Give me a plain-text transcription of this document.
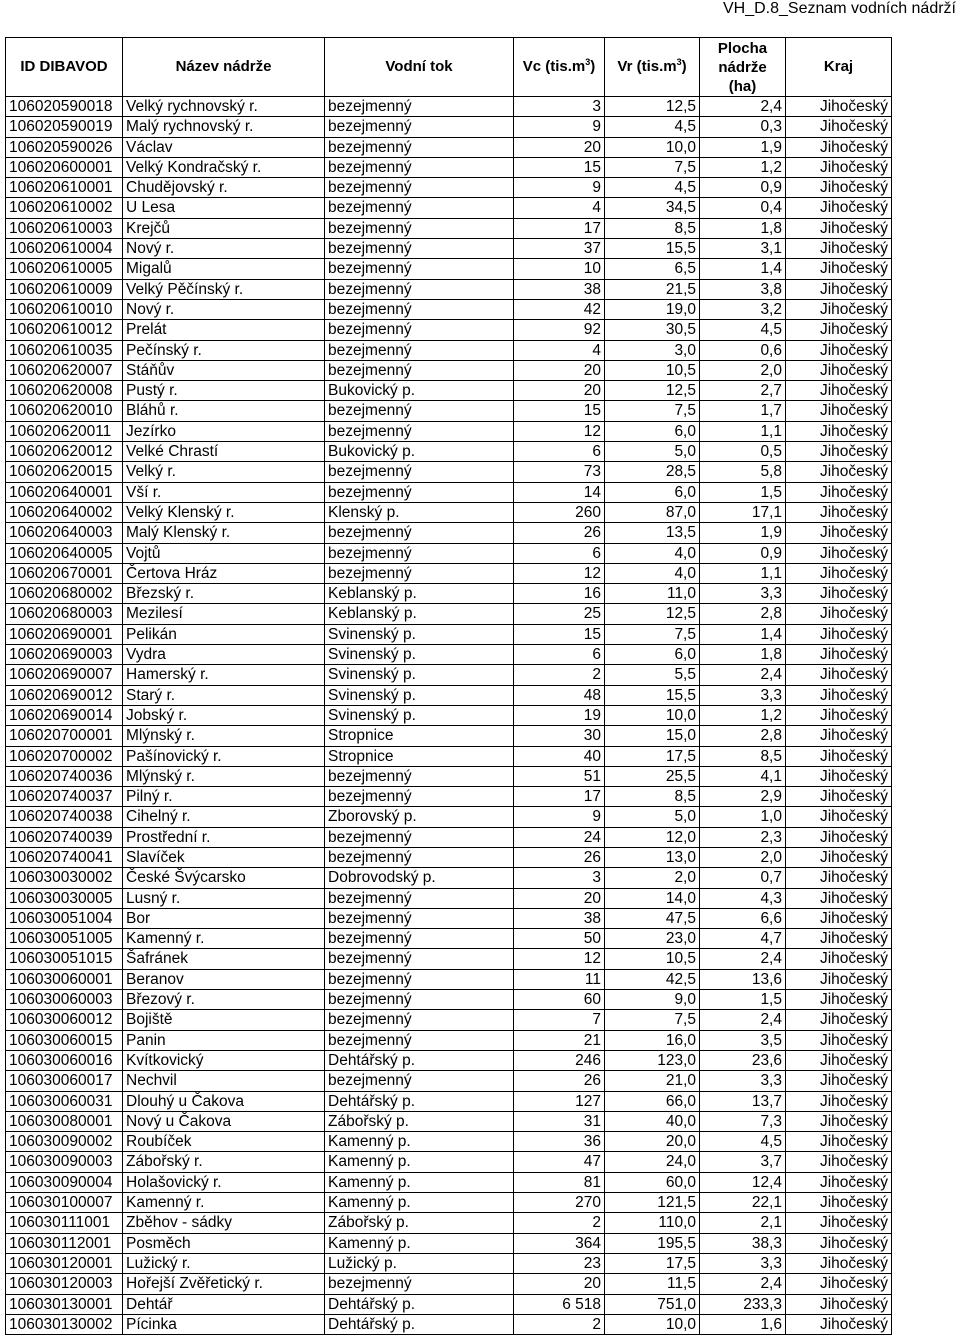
VH_D.8_Seznam vodních nádrží
ID DIBAVOD	Název nádrže	Vodní tok	Vc $(tis.m^3)$	Vr $(tis.m^3)$	Plocha
nádrže
(ha)	Kraj
106020590018	Velký rychnovský r.	bezejmenný	3	12,5	2,4	Jihočeský
106020590019	Malý rychnovský r.	bezejmenný	9	4,5	0,3	Jihočeský
106020590026	Václav	bezejmenný	20	10,0	1,9	Jihočeský
106020600001	Velký Kondračský r.	bezejmenný	15	7,5	1,2	Jihočeský
106020610001	Chudějovský r.	bezejmenný	9	4,5	0,9	Jihočeský
106020610002	U Lesa	bezejmenný	4	34,5	0,4	Jihočeský
106020610003	Krejčů	bezejmenný	17	8,5	1,8	Jihočeský
106020610004	Nový r.	bezejmenný	37	15,5	3,1	Jihočeský
106020610005	Migalů	bezejmenný	10	6,5	1,4	Jihočeský
106020610009	Velký Pěčínský r.	bezejmenný	38	21,5	3,8	Jihočeský
106020610010	Nový r.	bezejmenný	42	19,0	3,2	Jihočeský
106020610012	Prelát	bezejmenný	92	30,5	4,5	Jihočeský
106020610035	Pečínský r.	bezejmenný	4	3,0	0,6	Jihočeský
106020620007	Stáňův	bezejmenný	20	10,5	2,0	Jihočeský
106020620008	Pustý r.	Bukovický p.	20	12,5	2,7	Jihočeský
106020620010	Bláhů r.	bezejmenný	15	7,5	1,7	Jihočeský
106020620011	Jezírko	bezejmenný	12	6,0	1,1	Jihočeský
106020620012	Velké Chrastí	Bukovický p.	6	5,0	0,5	Jihočeský
106020620015	Velký r.	bezejmenný	73	28,5	5,8	Jihočeský
106020640001	Vší r.	bezejmenný	14	6,0	1,5	Jihočeský
106020640002	Velký Klenský r.	Klenský p.	260	87,0	17,1	Jihočeský
106020640003	Malý Klenský r.	bezejmenný	26	13,5	1,9	Jihočeský
106020640005	Vojtů	bezejmenný	6	4,0	0,9	Jihočeský
106020670001	Čertova Hráz	bezejmenný	12	4,0	1,1	Jihočeský
106020680002	Březský r.	Keblanský p.	16	11,0	3,3	Jihočeský
106020680003	Mezilesí	Keblanský p.	25	12,5	2,8	Jihočeský
106020690001	Pelikán	Svinenský p.	15	7,5	1,4	Jihočeský
106020690003	Vydra	Svinenský p.	6	6,0	1,8	Jihočeský
106020690007	Hamerský r.	Svinenský p.	2	5,5	2,4	Jihočeský
106020690012	Starý r.	Svinenský p.	48	15,5	3,3	Jihočeský
106020690014	Jobský r.	Svinenský p.	19	10,0	1,2	Jihočeský
106020700001	Mlýnský r.	Stropnice	30	15,0	2,8	Jihočeský
106020700002	Pašínovický r.	Stropnice	40	17,5	8,5	Jihočeský
106020740036	Mlýnský r.	bezejmenný	51	25,5	4,1	Jihočeský
106020740037	Pilný r.	bezejmenný	17	8,5	2,9	Jihočeský
106020740038	Cihelný r.	Zborovský p.	9	5,0	1,0	Jihočeský
106020740039	Prostřední r.	bezejmenný	24	12,0	2,3	Jihočeský
106020740041	Slavíček	bezejmenný	26	13,0	2,0	Jihočeský
106030030002	České Švýcarsko	Dobrovodský p.	3	2,0	0,7	Jihočeský
106030030005	Lusný r.	bezejmenný	20	14,0	4,3	Jihočeský
106030051004	Bor	bezejmenný	38	47,5	6,6	Jihočeský
106030051005	Kamenný r.	bezejmenný	50	23,0	4,7	Jihočeský
106030051015	Šafránek	bezejmenný	12	10,5	2,4	Jihočeský
106030060001	Beranov	bezejmenný	11	42,5	13,6	Jihočeský
106030060003	Březový r.	bezejmenný	60	9,0	1,5	Jihočeský
106030060012	Bojiště	bezejmenný	7	7,5	2,4	Jihočeský
106030060015	Panin	bezejmenný	21	16,0	3,5	Jihočeský
106030060016	Kvítkovický	Dehtářský p.	246	123,0	23,6	Jihočeský
106030060017	Nechvil	bezejmenný	26	21,0	3,3	Jihočeský
106030060031	Dlouhý u Čakova	Dehtářský p.	127	66,0	13,7	Jihočeský
106030080001	Nový u Čakova	Zábořský p.	31	40,0	7,3	Jihočeský
106030090002	Roubíček	Kamenný p.	36	20,0	4,5	Jihočeský
106030090003	Zábořský r.	Kamenný p.	47	24,0	3,7	Jihočeský
106030090004	Holašovický r.	Kamenný p.	81	60,0	12,4	Jihočeský
106030100007	Kamenný r.	Kamenný p.	270	121,5	22,1	Jihočeský
106030111001	Zběhov - sádky	Zábořský p.	2	110,0	2,1	Jihočeský
106030112001	Posměch	Kamenný p.	364	195,5	38,3	Jihočeský
106030120001	Lužický r.	Lužický p.	23	17,5	3,3	Jihočeský
106030120003	Hořejší Zvěřetický r.	bezejmenný	20	11,5	2,4	Jihočeský
106030130001	Dehtář	Dehtářský p.	6 518	751,0	233,3	Jihočeský
106030130002	Pícinka	Dehtářský p.	2	10,0	1,6	Jihočeský
